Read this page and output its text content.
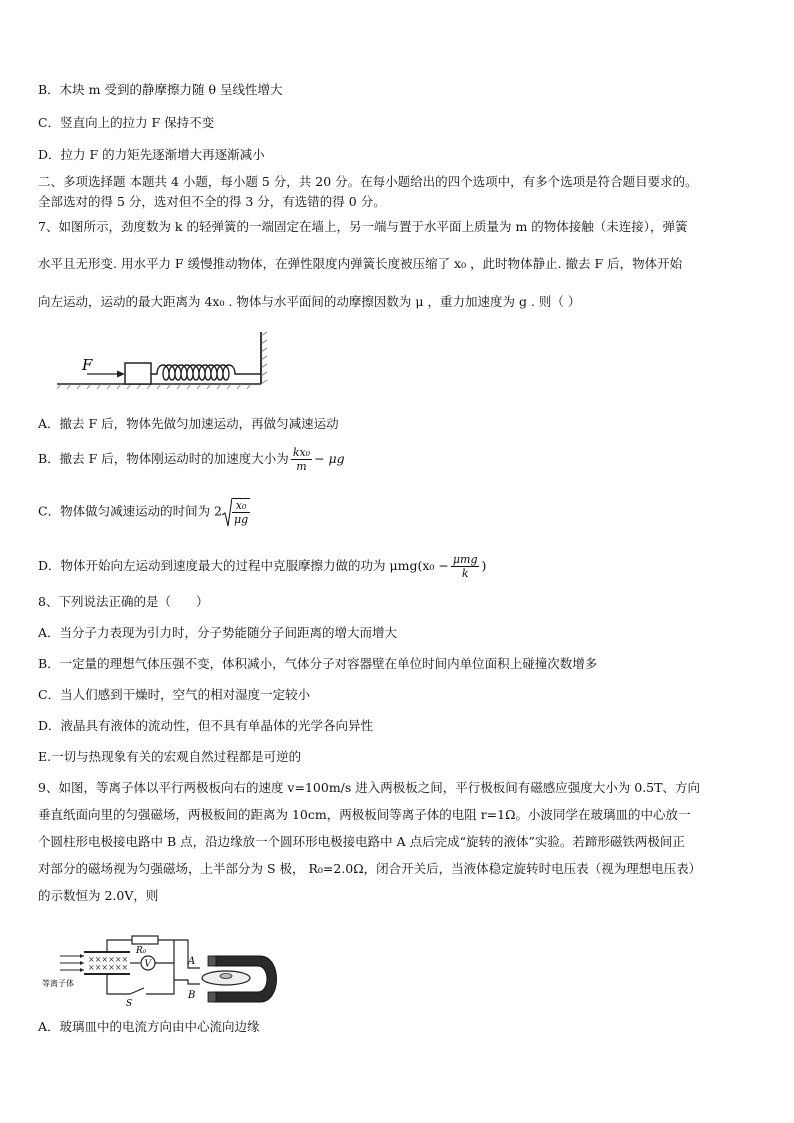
B．木块 m 受到的静摩擦力随 θ 呈线性增大
C．竖直向上的拉力 F 保持不变
D．拉力 F 的力矩先逐渐增大再逐渐减小
二、多项选择题 本题共 4 小题，每小题 5 分，共 20 分。在每小题给出的四个选项中，有多个选项是符合题目要求的。
全部选对的得 5 分，选对但不全的得 3 分，有选错的得 0 分。
7、如图所示，劲度数为 k 的轻弹簧的一端固定在墙上，另一端与置于水平面上质量为 m 的物体接触（未连接），弹簧
水平且无形变. 用水平力 F 缓慢推动物体，在弹性限度内弹簧长度被压缩了 x₀ ，此时物体静止. 撤去 F 后，物体开始
向左运动，运动的最大距离为 4x₀ . 物体与水平面间的动摩擦因数为 μ ，重力加速度为 g . 则（ ）
F
A．撤去 F 后，物体先做匀加速运动，再做匀减速运动
B．撤去 F 后，物体刚运动时的加速度大小为 $\frac{\text{kx₀}}{m} - \mu g$
C．物体做匀减速运动的时间为 $2 \frac{\text{x₀}}{\mu g}$
D．物体开始向左运动到速度最大的过程中克服摩擦力做的功为 $\mu mg(x_0 - \frac{\text{μmg}}{k}$ )
8、下列说法正确的是（　　）
A．当分子力表现为引力时，分子势能随分子间距离的增大而增大
B．一定量的理想气体压强不变，体积减小，气体分子对容器壁在单位时间内单位面积上碰撞次数增多
C．当人们感到干燥时，空气的相对湿度一定较小
D．液晶具有液体的流动性，但不具有单晶体的光学各向异性
E.一切与热现象有关的宏观自然过程都是可逆的
9、如图，等离子体以平行两极板向右的速度 v=100m/s 进入两极板之间，平行极板间有磁感应强度大小为 0.5T、方向
垂直纸面向里的匀强磁场，两极板间的距离为 10cm，两极板间等离子体的电阻 r=1Ω。小波同学在玻璃皿的中心放一
个圆柱形电极接电路中 B 点，沿边缘放一个圆环形电极接电路中 A 点后完成“旋转的液体”实验。若蹄形磁铁两极间正
对部分的磁场视为匀强磁场，上半部分为 S 极， R₀=2.0Ω，闭合开关后，当液体稳定旋转时电压表（视为理想电压表）
的示数恒为 2.0V，则
××××××
××××××
等离子体
R₀
V
S
A
B
A．玻璃皿中的电流方向由中心流向边缘
